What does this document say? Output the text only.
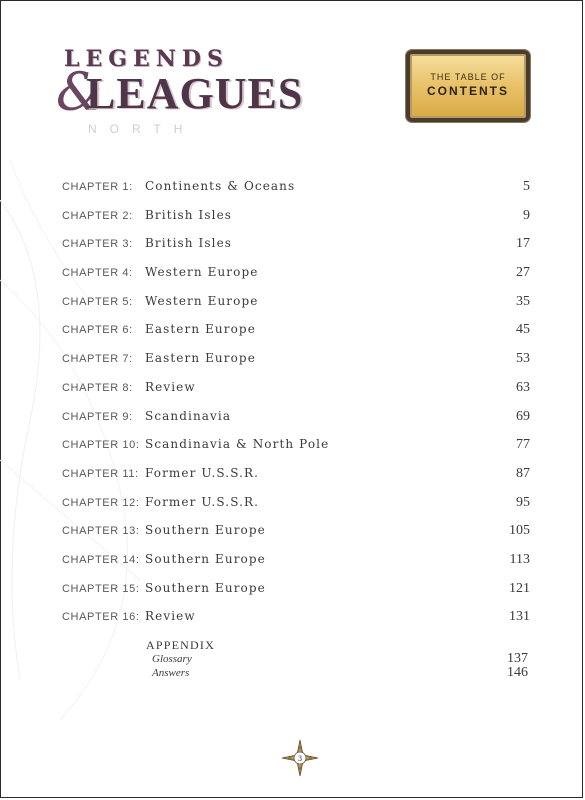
LEGENDS
&
LEAGUES
NORTH
THE TABLE OF
CONTENTS
CHAPTER 1: Continents & Oceans	5
CHAPTER 2: British Isles	9
CHAPTER 3: British Isles	17
CHAPTER 4: Western Europe	27
CHAPTER 5: Western Europe	35
CHAPTER 6: Eastern Europe	45
CHAPTER 7: Eastern Europe	53
CHAPTER 8: Review	63
CHAPTER 9: Scandinavia	69
CHAPTER 10: Scandinavia & North Pole	77
CHAPTER 11: Former U.S.S.R.	87
CHAPTER 12: Former U.S.S.R.	95
CHAPTER 13: Southern Europe	105
CHAPTER 14: Southern Europe	113
CHAPTER 15: Southern Europe	121
CHAPTER 16: Review	131
APPENDIX
Glossary	137
Answers	146
3
